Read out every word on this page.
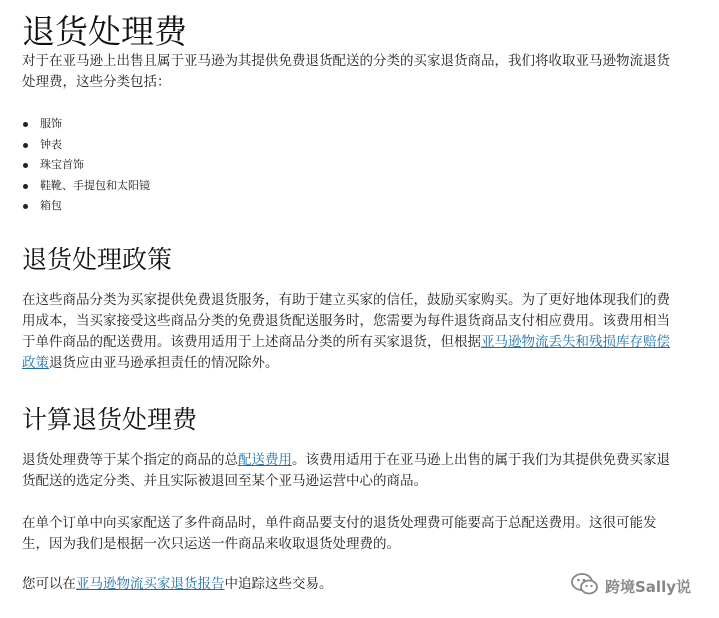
退货处理费

对于在亚马逊上出售且属于亚马逊为其提供免费退货配送的分类的买家退货商品，我们将收取亚马逊物流退货处理费，这些分类包括：

服饰
钟表
珠宝首饰
鞋靴、手提包和太阳镜
箱包
退货处理政策

在这些商品分类为买家提供免费退货服务，有助于建立买家的信任，鼓励买家购买。为了更好地体现我们的费用成本，当买家接受这些商品分类的免费退货配送服务时，您需要为每件退货商品支付相应费用。该费用相当于单件商品的配送费用。该费用适用于上述商品分类的所有买家退货，但根据亚马逊物流丢失和残损库存赔偿政策退货应由亚马逊承担责任的情况除外。

计算退货处理费

退货处理费等于某个指定的商品的总配送费用。该费用适用于在亚马逊上出售的属于我们为其提供免费买家退货配送的选定分类、并且实际被退回至某个亚马逊运营中心的商品。

在单个订单中向买家配送了多件商品时，单件商品要支付的退货处理费可能要高于总配送费用。这很可能发生，因为我们是根据一次只运送一件商品来收取退货处理费的。

您可以在亚马逊物流买家退货报告中追踪这些交易。	跨境Sally说
